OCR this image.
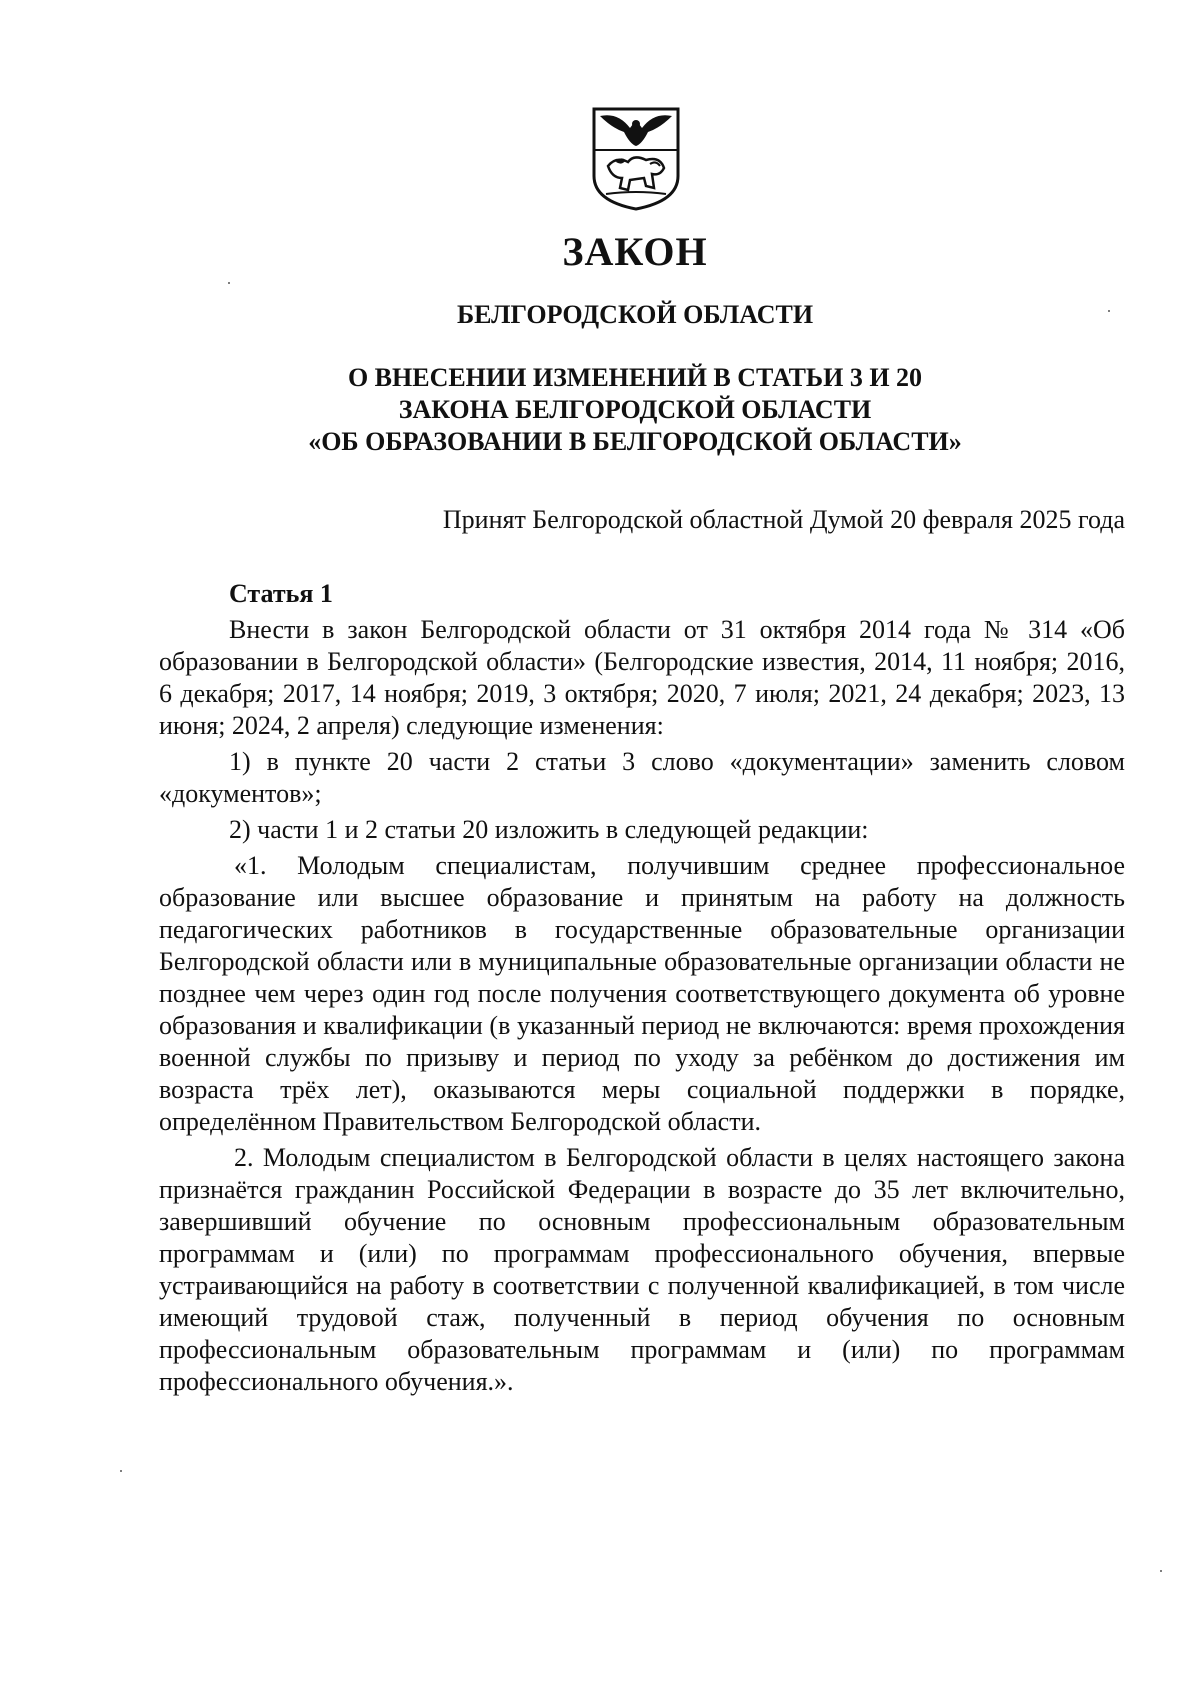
ЗАКОН
БЕЛГОРОДСКОЙ ОБЛАСТИ
О ВНЕСЕНИИ ИЗМЕНЕНИЙ В СТАТЬИ 3 И 20
ЗАКОНА БЕЛГОРОДСКОЙ ОБЛАСТИ
«ОБ ОБРАЗОВАНИИ В БЕЛГОРОДСКОЙ ОБЛАСТИ»
Принят Белгородской областной Думой 20 февраля 2025 года
Статья 1

Внести в закон Белгородской области от 31 октября 2014 года № 314 «Об образовании в Белгородской области» (Белгородские известия, 2014, 11 ноября; 2016, 6 декабря; 2017, 14 ноября; 2019, 3 октября; 2020, 7 июля; 2021, 24 декабря; 2023, 13 июня; 2024, 2 апреля) следующие изменения:

1) в пункте 20 части 2 статьи 3 слово «документации» заменить словом «документов»;

2) части 1 и 2 статьи 20 изложить в следующей редакции:

«1. Молодым специалистам, получившим среднее профессиональное образование или высшее образование и принятым на работу на должность педагогических работников в государственные образовательные организации Белгородской области или в муниципальные образовательные организации области не позднее чем через один год после получения соответствующего документа об уровне образования и квалификации (в указанный период не включаются: время прохождения военной службы по призыву и период по уходу за ребёнком до достижения им возраста трёх лет), оказываются меры социальной поддержки в порядке, определённом Правительством Белгородской области.

2. Молодым специалистом в Белгородской области в целях настоящего закона признаётся гражданин Российской Федерации в возрасте до 35 лет включительно, завершивший обучение по основным профессиональным образовательным программам и (или) по программам профессионального обучения, впервые устраивающийся на работу в соответствии с полученной квалификацией, в том числе имеющий трудовой стаж, полученный в период обучения по основным профессиональным образовательным программам и (или) по программам профессионального обучения.».
